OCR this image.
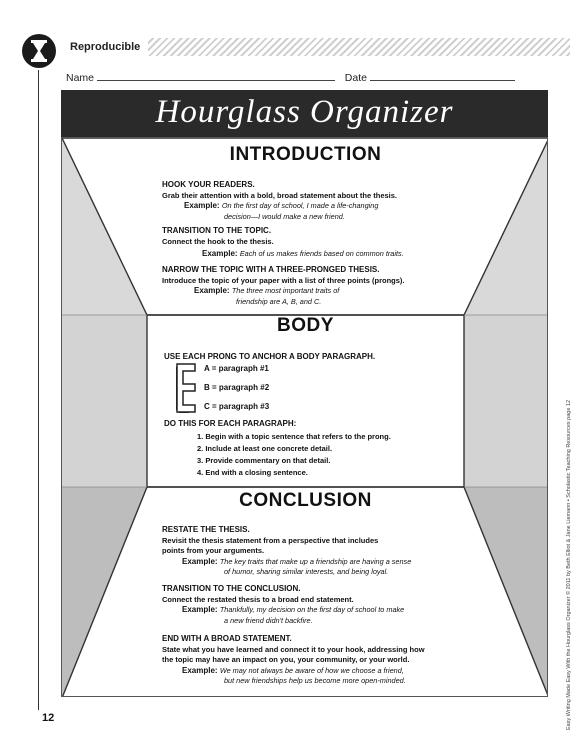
Reproducible
Name	Date
Hourglass Organizer
INTRODUCTION
HOOK YOUR READERS.
Grab their attention with a bold, broad statement about the thesis.
Example: On the first day of school, I made a life-changing
decision—I would make a new friend.
TRANSITION TO THE TOPIC.
Connect the hook to the thesis.
Example: Each of us makes friends based on common traits.
NARROW THE TOPIC WITH A THREE-PRONGED THESIS.
Introduce the topic of your paper with a list of three points (prongs).
Example: The three most important traits of
friendship are A, B, and C.
BODY
USE EACH PRONG TO ANCHOR A BODY PARAGRAPH.
A = paragraph #1
B = paragraph #2
C = paragraph #3
DO THIS FOR EACH PARAGRAPH:
1. Begin with a topic sentence that refers to the prong.
2. Include at least one concrete detail.
3. Provide commentary on that detail.
4. End with a closing sentence.
CONCLUSION
RESTATE THE THESIS.
Revisit the thesis statement from a perspective that includes
points from your arguments.
Example: The key traits that make up a friendship are having a sense
of humor, sharing similar interests, and being loyal.
TRANSITION TO THE CONCLUSION.
Connect the restated thesis to a broad end statement.
Example: Thankfully, my decision on the first day of school to make
a new friend didn't backfire.
END WITH A BROAD STATEMENT.
State what you have learned and connect it to your hook, addressing how
the topic may have an impact on you, your community, or your world.
Example: We may not always be aware of how we choose a friend,
but new friendships help us become more open-minded.	Easy Writing Made Easy With the Hourglass Organizer © 2011 by Beth Elliot & Jane Liemann • Scholastic Teaching Resources page 12
12
